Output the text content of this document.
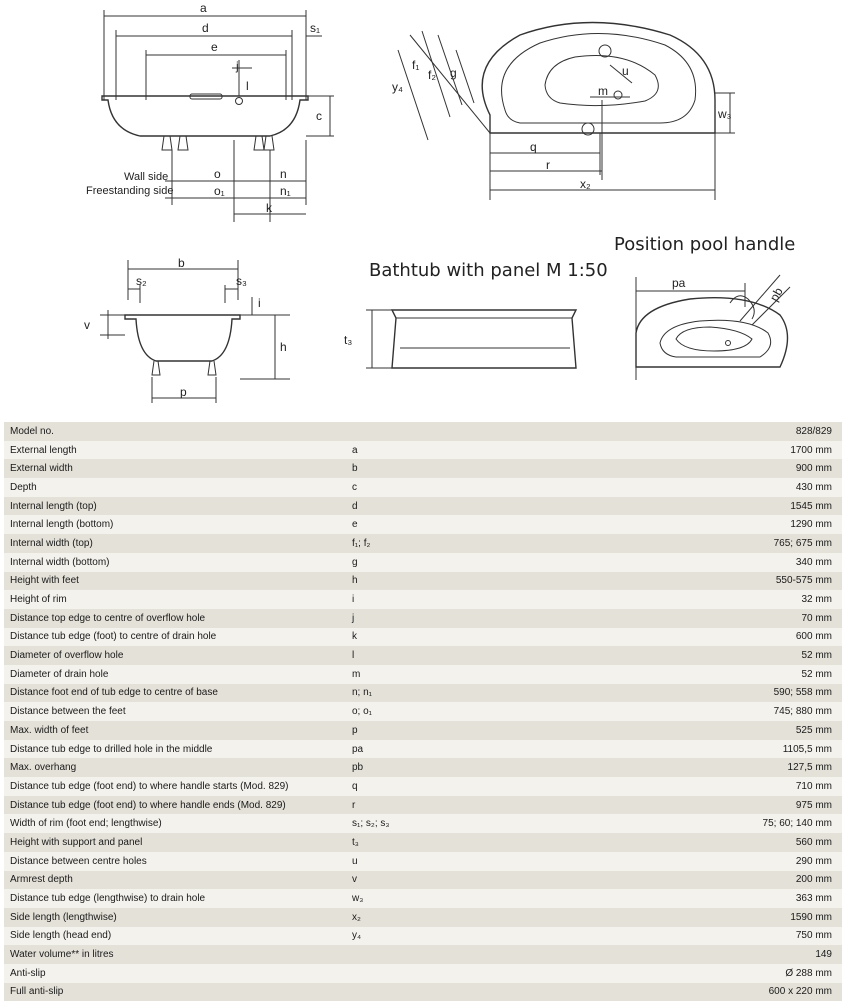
a
d	s₁
e
j
l
c
Wall side
Freestanding side
o	n
o₁	n₁
k
y₄
f₁
f₂ g	u
m
w₃
q
r
x₂
b
s₂	s₃
v
i
h
p
Bathtub with panel M 1:50
t₃
Position pool handle
pa
pb
Model no.		828/829
External length	a	1700 mm
External width	b	900 mm
Depth	c	430 mm
Internal length (top)	d	1545 mm
Internal length (bottom)	e	1290 mm
Internal width (top)	f₁; f₂	765; 675 mm
Internal width (bottom)	g	340 mm
Height with feet	h	550-575 mm
Height of rim	i	32 mm
Distance top edge to centre of overflow hole	j	70 mm
Distance tub edge (foot) to centre of drain hole	k	600 mm
Diameter of overflow hole	l	52 mm
Diameter of drain hole	m	52 mm
Distance foot end of tub edge to centre of base	n; n₁	590; 558 mm
Distance between the feet	o; o₁	745; 880 mm
Max. width of feet	p	525 mm
Distance tub edge to drilled hole in the middle	pa	1105,5 mm
Max. overhang	pb	127,5 mm
Distance tub edge (foot end) to where handle starts (Mod. 829)	q	710 mm
Distance tub edge (foot end) to where handle ends (Mod. 829)	r	975 mm
Width of rim (foot end; lengthwise)	s₁; s₂; s₃	75; 60; 140 mm
Height with support and panel	t₃	560 mm
Distance between centre holes	u	290 mm
Armrest depth	v	200 mm
Distance tub edge (lengthwise) to drain hole	w₃	363 mm
Side length (lengthwise)	x₂	1590 mm
Side length (head end)	y₄	750 mm
Water volume** in litres		149
Anti-slip		Ø 288 mm
Full anti-slip		600 x 220 mm
